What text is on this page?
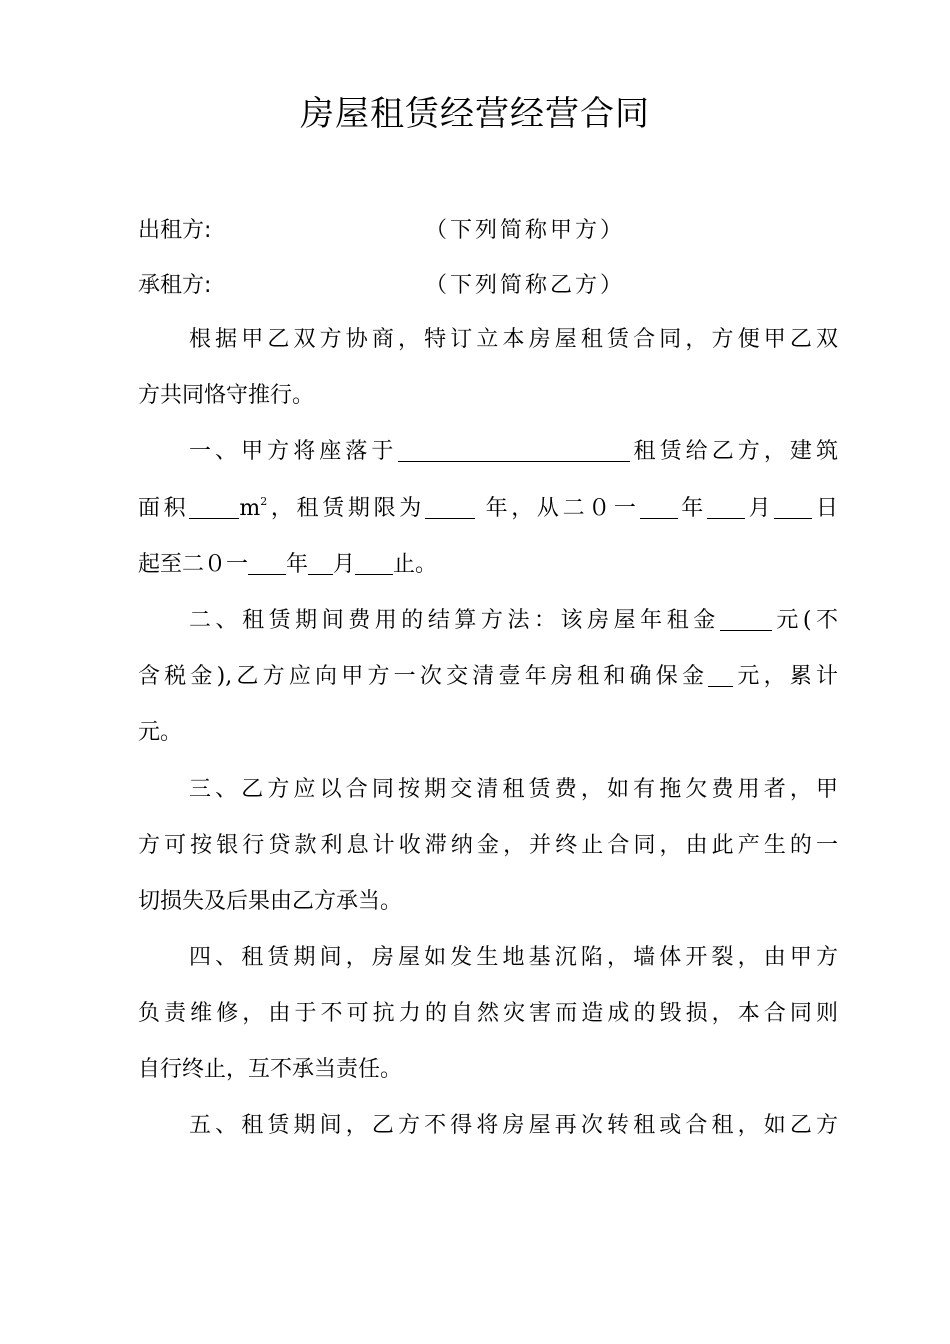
房屋租赁经营经营合同
出租方:	（下列简称甲方）
承租方:	（下列简称乙方）
根据甲乙双方协商，特订立本房屋租赁合同，方便甲乙双
方共同恪守推行。
一、甲方将座落于	租赁给乙方，建筑
面积 $m^2$，租赁期限为 年，从二０一 年 月 日
起至二０一 年 月 止。
二、租赁期间费用的结算方法：该房屋年租金 元(不
含税金),乙方应向甲方一次交清壹年房租和确保金 元，累计
元。
三、乙方应以合同按期交清租赁费，如有拖欠费用者，甲
方可按银行贷款利息计收滞纳金，并终止合同，由此产生的一
切损失及后果由乙方承当。
四、租赁期间，房屋如发生地基沉陷，墙体开裂，由甲方
负责维修，由于不可抗力的自然灾害而造成的毁损，本合同则
自行终止，互不承当责任。
五、租赁期间，乙方不得将房屋再次转租或合租，如乙方
